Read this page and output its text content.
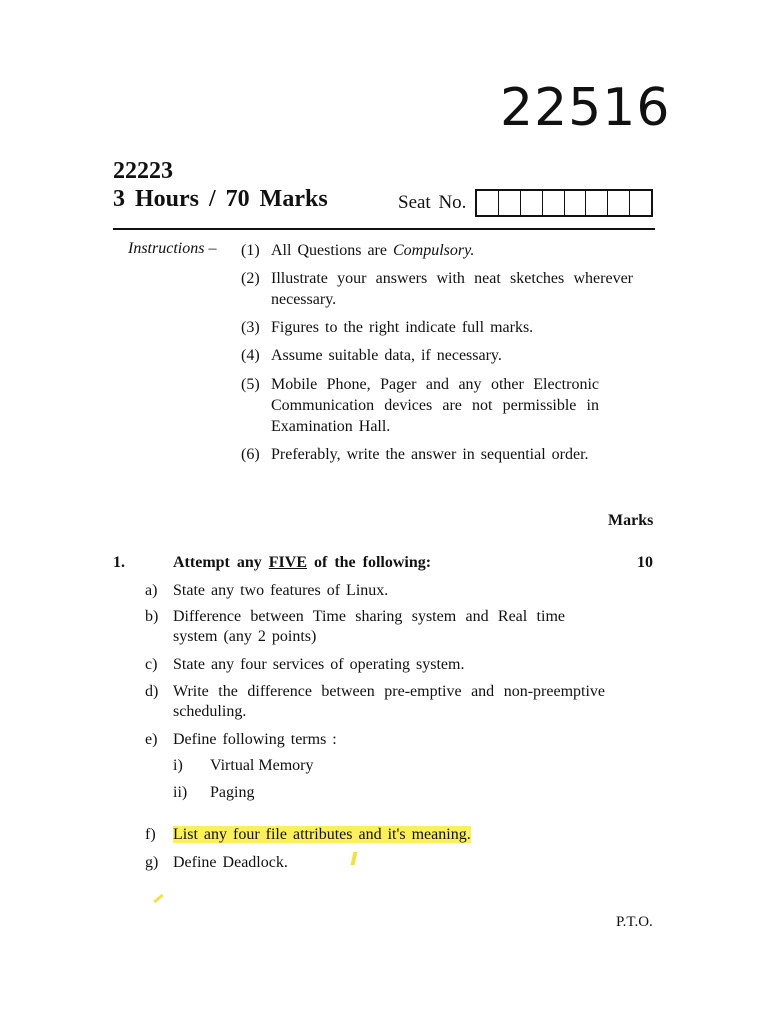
22516
22223
3 Hours / 70 Marks	Seat No.
Instructions – (1) All Questions are Compulsory.
(2) Illustrate your answers with neat sketches wherever necessary.
(3) Figures to the right indicate full marks.
(4) Assume suitable data, if necessary.
(5) Mobile Phone, Pager and any other Electronic Communication devices are not permissible in Examination Hall.
(6) Preferably, write the answer in sequential order.
Marks
1.	Attempt any FIVE of the following:	10
a) State any two features of Linux.
b) Difference between Time sharing system and Real time system (any 2 points)
c) State any four services of operating system.
d) Write the difference between pre-emptive and non-preemptive scheduling.
e) Define following terms :
i)	Virtual Memory
ii)	Paging
f)	List any four file attributes and it's meaning.
g) Define Deadlock.
P.T.O.
